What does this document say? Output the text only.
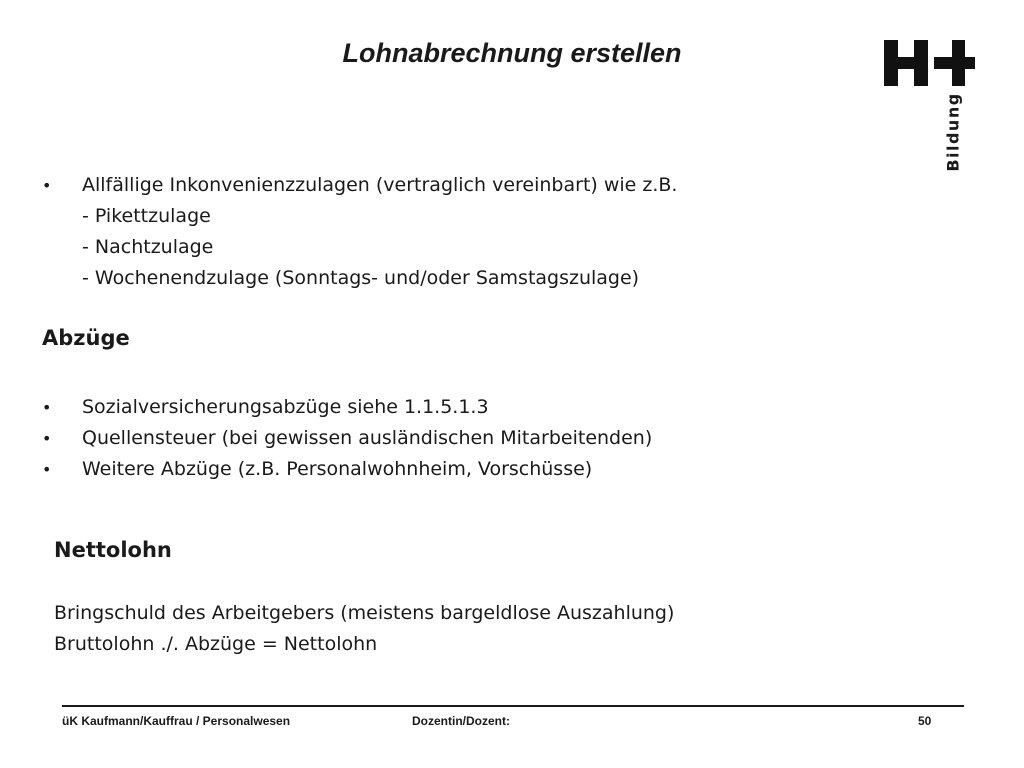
Lohnabrechnung erstellen
Bildung
• Allfällige Inkonvenienzzulagen (vertraglich vereinbart) wie z.B.
- Pikettzulage
- Nachtzulage
- Wochenendzulage (Sonntags- und/oder Samstagszulage)
Abzüge
• Sozialversicherungsabzüge siehe 1.1.5.1.3
• Quellensteuer (bei gewissen ausländischen Mitarbeitenden)
• Weitere Abzüge (z.B. Personalwohnheim, Vorschüsse)
Nettolohn
Bringschuld des Arbeitgebers (meistens bargeldlose Auszahlung)
Bruttolohn ./. Abzüge = Nettolohn
üK Kaufmann/Kauffrau / Personalwesen	Dozentin/Dozent:	50
